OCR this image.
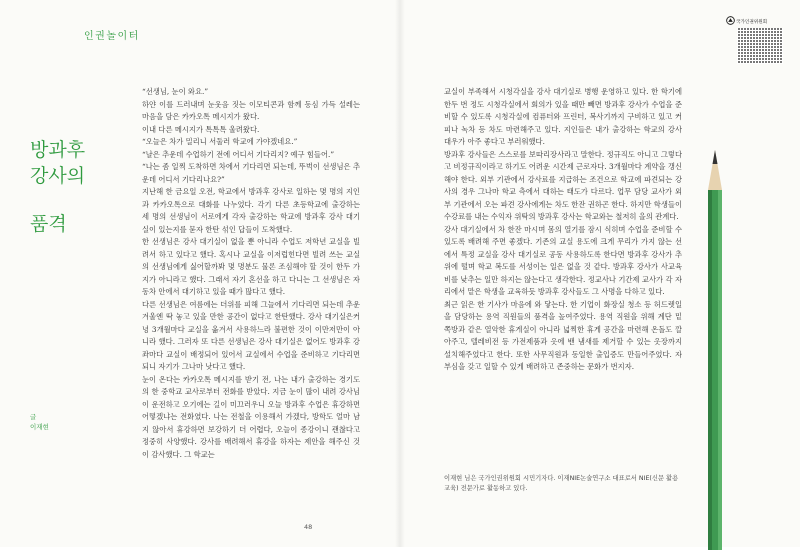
인권놀이터
방과후
강사의
품격
글
이재현

“선생님, 눈이 와요.”

하얀 이를 드러내며 눈웃음 짓는 이모티콘과 함께 동심 가득 설레는 마음을 담은 카카오톡 메시지가 왔다.

이내 다른 메시지가 톡톡톡 울려왔다.

“오늘은 차가 밀리니 서둘러 학교에 가야겠네요.”

“날은 추운데 수업하기 전에 어디서 기다리지? 예구 힘들어.”

“나는 좀 일찍 도착하면 차에서 기다리면 되는데, 뚜벅이 선생님은 추운데 어디서 기다리나요?”

지난해 한 금요일 오전, 학교에서 방과후 강사로 일하는 몇 명의 지인과 카카오톡으로 대화를 나누었다. 각기 다른 초등학교에 출강하는 세 명의 선생님이 서로에게 각자 출강하는 학교에 방과후 강사 대기실이 있는지를 묻자 한탄 섞인 답들이 도착했다.

한 선생님은 강사 대기실이 없을 뿐 아니라 수업도 저학년 교실을 빌려서 하고 있다고 했다. 혹시나 교실을 이저럽힌다면 빌려 쓰는 교실의 선생님에게 싫어할까봐 몇 명분도 물론 조심해야 할 것이 한두 가지가 아니라고 했다. 그래서 자기 혼선을 하고 다니는 그 선생님은 자동차 안에서 대기하고 있을 때가 많다고 했다.

다른 선생님은 여름에는 더위를 피해 그늘에서 기다리면 되는데 추운 겨울엔 딱 놓고 있을 만한 공간이 없다고 한탄했다. 강사 대기실은커녕 3개월마다 교실을 옮겨서 사용하느라 불편한 것이 이만저만이 아니라 했다. 그러자 또 다른 선생님은 강사 대기실은 없어도 방과후 강좌마다 교실이 배정되어 있어서 교실에서 수업을 준비하고 기다리면 되니 자기가 그나마 낫다고 했다.

눈이 온다는 카카오톡 메시지를 받기 전, 나는 내가 출강하는 경기도의 한 중학교 교사로부터 전화를 받았다. 지금 눈이 많이 내려 강사님이 운전하고 오기에는 길이 미끄러우니 오늘 방과후 수업은 휴강하면 어떻겠냐는 전화였다. 나는 전철을 이용해서 가겠다, 방학도 얼마 남지 않아서 휴강하면 보강하기 더 어렵다, 오늘이 종강이니 괜찮다고 정중히 사양했다. 강사를 배려해서 휴강을 하자는 제안을 해주신 것이 감사했다. 그 학교는

교실이 부족해서 시청각실을 강사 대기실로 병행 운영하고 있다. 한 학기에 한두 번 정도 시청각실에서 회의가 있을 때만 빼면 방과후 강사가 수업을 준비할 수 있도록 시청각실에 컴퓨터와 프린터, 복사기까지 구비하고 있고 커피나 녹차 등 차도 마련해주고 있다. 지인들은 내가 출강하는 학교의 강사 대우가 아주 좋다고 부러워했다.

방과후 강사들은 스스로를 보따리장사라고 말한다. 정규직도 아니고 그렇다고 비정규직이라고 하기도 어려운 시간제 근로자다. 3개월마다 계약을 갱신해야 한다. 외부 기관에서 강사료를 지급하는 조건으로 학교에 파견되는 강사의 경우 그나마 학교 측에서 대하는 태도가 다르다. 업무 담당 교사가 외부 기관에서 오는 파견 강사에게는 차도 한잔 권하곤 한다. 하지만 학생들이 수강료를 내는 수익자 위탁의 방과후 강사는 학교와는 철저히 을의 관계다.

강사 대기실에서 차 한잔 마시며 몸의 열기를 잠시 식히며 수업을 준비할 수 있도록 배려해 주면 좋겠다. 기존의 교실 용도에 크게 무리가 가지 않는 선에서 특정 교실을 강사 대기실로 공동 사용하도록 한다면 방과후 강사가 추위에 떨며 학교 복도를 서성이는 일은 없을 것 같다. 방과후 강사가 사교육비를 낮추는 일만 하지는 않는다고 생각한다. 정교사나 기간제 교사가 각 자리에서 맡은 학생을 교육하듯 방과후 강사들도 그 사명을 다하고 있다.

최근 읽은 한 기사가 마음에 와 닿는다. 한 기업이 화장실 청소 등 허드렛일을 담당하는 용역 직원들의 품격을 높여주었다. 용역 직원을 위해 계단 밑 쪽방과 같은 열악한 휴게실이 아니라 넓찍한 휴게 공간을 마련해 온돌도 깔아주고, 텔레비전 등 가전제품과 옷에 밴 냄새를 제거할 수 있는 옷장까지 설치해주었다고 한다. 또한 사무직원과 동일한 출입증도 만들어주었다. 자부심을 갖고 일할 수 있게 배려하고 존중하는 문화가 번지자.

이재현 님은 국가인권위원회 시민기자다. 이재NIE논술연구소 대표로서 NIE(신문 활용 교육) 전문가로 활동하고 있다.
48
국가인권위원회
